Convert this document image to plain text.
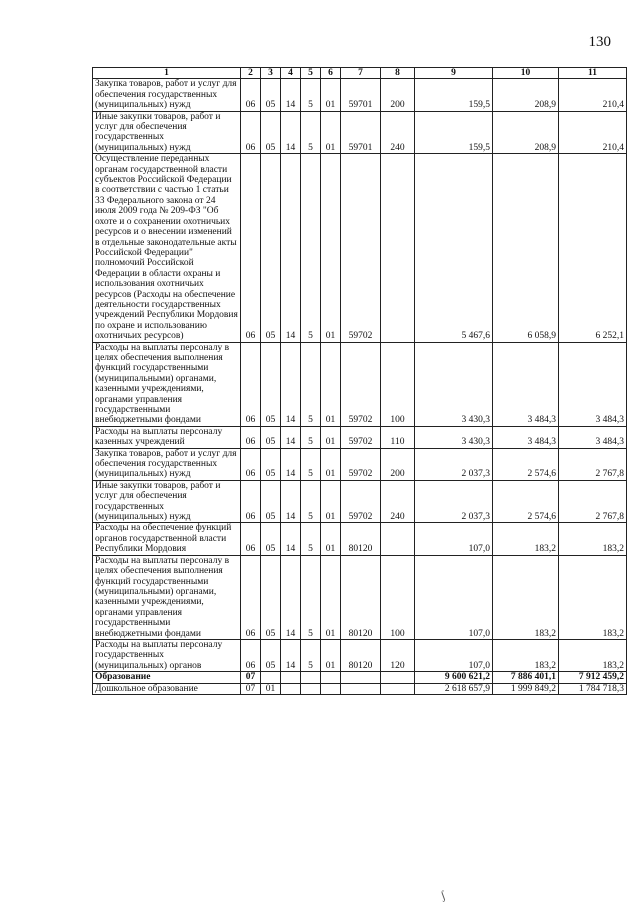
130
1	2	3	4	5	6	7	8	9	10	11
Закупка товаров, работ и услуг для обеспечения государственных (муниципальных) нужд	06	05	14	5	01	59701	200	159,5	208,9	210,4
Иные закупки товаров, работ и услуг для обеспечения государственных (муниципальных) нужд	06	05	14	5	01	59701	240	159,5	208,9	210,4
Осуществление переданных органам государственной власти субъектов Российской Федерации в соответствии с частью 1 статьи 33 Федерального закона от 24 июля 2009 года № 209-ФЗ "Об охоте и о сохранении охотничьих ресурсов и о внесении изменений в отдельные законодательные акты Российской Федерации" полномочий Российской Федерации в области охраны и использования охотничьих ресурсов (Расходы на обеспечение деятельности государственных учреждений Республики Мордовия по охране и использованию охотничьих ресурсов)	06	05	14	5	01	59702		5 467,6	6 058,9	6 252,1
Расходы на выплаты персоналу в целях обеспечения выполнения функций государственными (муниципальными) органами, казенными учреждениями, органами управления государственными внебюджетными фондами	06	05	14	5	01	59702	100	3 430,3	3 484,3	3 484,3
Расходы на выплаты персоналу казенных учреждений	06	05	14	5	01	59702	110	3 430,3	3 484,3	3 484,3
Закупка товаров, работ и услуг для обеспечения государственных (муниципальных) нужд	06	05	14	5	01	59702	200	2 037,3	2 574,6	2 767,8
Иные закупки товаров, работ и услуг для обеспечения государственных (муниципальных) нужд	06	05	14	5	01	59702	240	2 037,3	2 574,6	2 767,8
Расходы на обеспечение функций органов государственной власти Республики Мордовия	06	05	14	5	01	80120		107,0	183,2	183,2
Расходы на выплаты персоналу в целях обеспечения выполнения функций государственными (муниципальными) органами, казенными учреждениями, органами управления государственными внебюджетными фондами	06	05	14	5	01	80120	100	107,0	183,2	183,2
Расходы на выплаты персоналу государственных (муниципальных) органов	06	05	14	5	01	80120	120	107,0	183,2	183,2
Образование	07							9 600 621,2	7 886 401,1	7 912 459,2
Дошкольное образование	07	01						2 618 657,9	1 999 849,2	1 784 718,3
ʃ
